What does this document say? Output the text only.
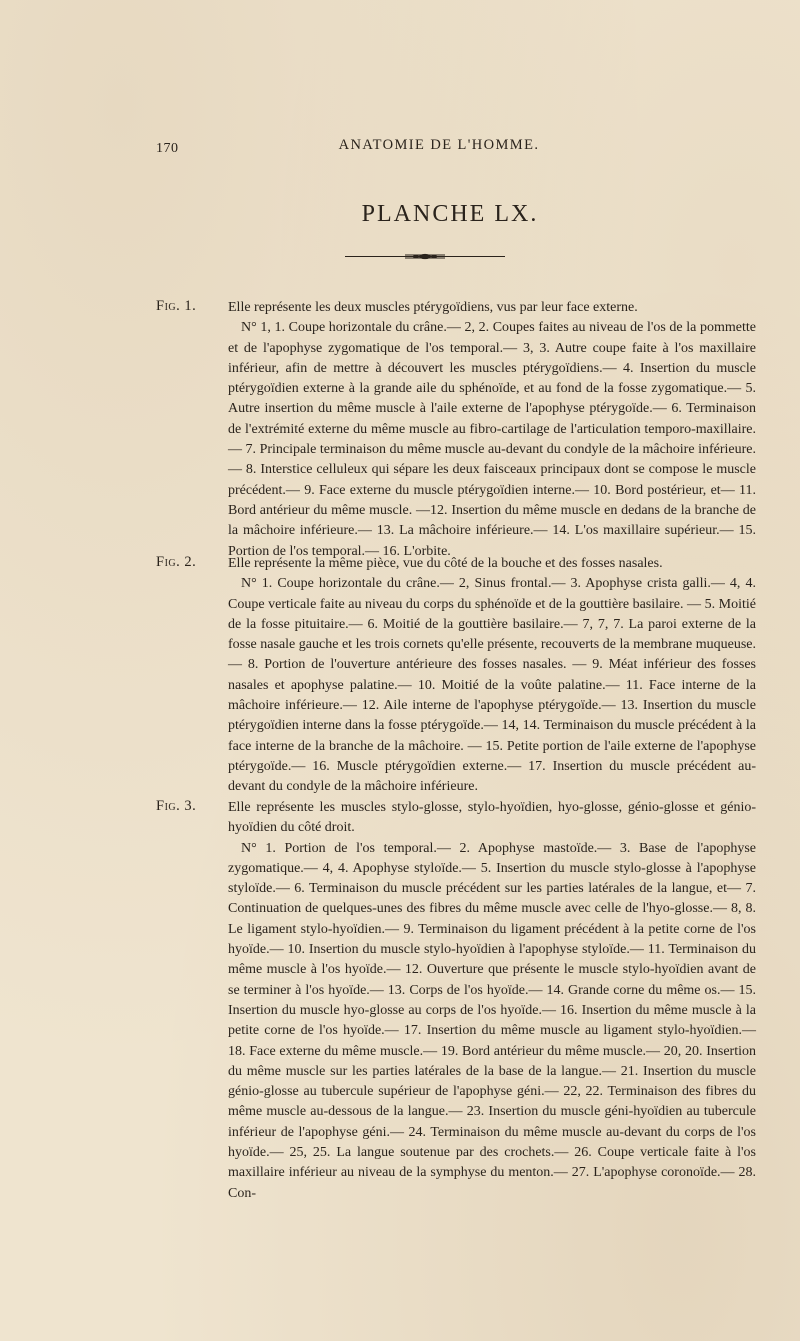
170	ANATOMIE DE L'HOMME.
PLANCHE LX.
Fig. 1. Elle représente les deux muscles ptérygoïdiens, vus par leur face externe.

N° 1, 1. Coupe horizontale du crâne.— 2, 2. Coupes faites au niveau de l'os de la pommette et de l'apophyse zygomatique de l'os temporal.— 3, 3. Autre coupe faite à l'os maxillaire inférieur, afin de mettre à découvert les muscles ptérygoïdiens.— 4. Insertion du muscle ptérygoïdien externe à la grande aile du sphénoïde, et au fond de la fosse zygomatique.— 5. Autre insertion du même muscle à l'aile externe de l'apophyse ptérygoïde.— 6. Terminaison de l'extrémité externe du même muscle au fibro-cartilage de l'articulation temporo-maxillaire.— 7. Principale terminaison du même muscle au-devant du condyle de la mâchoire inférieure.— 8. Interstice celluleux qui sépare les deux faisceaux principaux dont se compose le muscle précédent.— 9. Face externe du muscle ptérygoïdien interne.— 10. Bord postérieur, et— 11. Bord antérieur du même muscle. —12. Insertion du même muscle en dedans de la branche de la mâchoire inférieure.— 13. La mâchoire inférieure.— 14. L'os maxillaire supérieur.— 15. Portion de l'os temporal.— 16. L'orbite.

Fig. 2. Elle représente la même pièce, vue du côté de la bouche et des fosses nasales.

N° 1. Coupe horizontale du crâne.— 2, Sinus frontal.— 3. Apophyse crista galli.— 4, 4. Coupe verticale faite au niveau du corps du sphénoïde et de la gouttière basilaire. — 5. Moitié de la fosse pituitaire.— 6. Moitié de la gouttière basilaire.— 7, 7, 7. La paroi externe de la fosse nasale gauche et les trois cornets qu'elle présente, recouverts de la membrane muqueuse.— 8. Portion de l'ouverture antérieure des fosses nasales. — 9. Méat inférieur des fosses nasales et apophyse palatine.— 10. Moitié de la voûte palatine.— 11. Face interne de la mâchoire inférieure.— 12. Aile interne de l'apophyse ptérygoïde.— 13. Insertion du muscle ptérygoïdien interne dans la fosse ptérygoïde.— 14, 14. Terminaison du muscle précédent à la face interne de la branche de la mâchoire. — 15. Petite portion de l'aile externe de l'apophyse ptérygoïde.— 16. Muscle ptérygoïdien externe.— 17. Insertion du muscle précédent au-devant du condyle de la mâchoire inférieure.

Fig. 3. Elle représente les muscles stylo-glosse, stylo-hyoïdien, hyo-glosse, génio-glosse et génio-hyoïdien du côté droit.

N° 1. Portion de l'os temporal.— 2. Apophyse mastoïde.— 3. Base de l'apophyse zygomatique.— 4, 4. Apophyse styloïde.— 5. Insertion du muscle stylo-glosse à l'apophyse styloïde.— 6. Terminaison du muscle précédent sur les parties latérales de la langue, et— 7. Continuation de quelques-unes des fibres du même muscle avec celle de l'hyo-glosse.— 8, 8. Le ligament stylo-hyoïdien.— 9. Terminaison du ligament précédent à la petite corne de l'os hyoïde.— 10. Insertion du muscle stylo-hyoïdien à l'apophyse styloïde.— 11. Terminaison du même muscle à l'os hyoïde.— 12. Ouverture que présente le muscle stylo-hyoïdien avant de se terminer à l'os hyoïde.— 13. Corps de l'os hyoïde.— 14. Grande corne du même os.— 15. Insertion du muscle hyo-glosse au corps de l'os hyoïde.— 16. Insertion du même muscle à la petite corne de l'os hyoïde.— 17. Insertion du même muscle au ligament stylo-hyoïdien.— 18. Face externe du même muscle.— 19. Bord antérieur du même muscle.— 20, 20. Insertion du même muscle sur les parties latérales de la base de la langue.— 21. Insertion du muscle génio-glosse au tubercule supérieur de l'apophyse géni.— 22, 22. Terminaison des fibres du même muscle au-dessous de la langue.— 23. Insertion du muscle géni-hyoïdien au tubercule inférieur de l'apophyse géni.— 24. Terminaison du même muscle au-devant du corps de l'os hyoïde.— 25, 25. La langue soutenue par des crochets.— 26. Coupe verticale faite à l'os maxillaire inférieur au niveau de la symphyse du menton.— 27. L'apophyse coronoïde.— 28. Con-
